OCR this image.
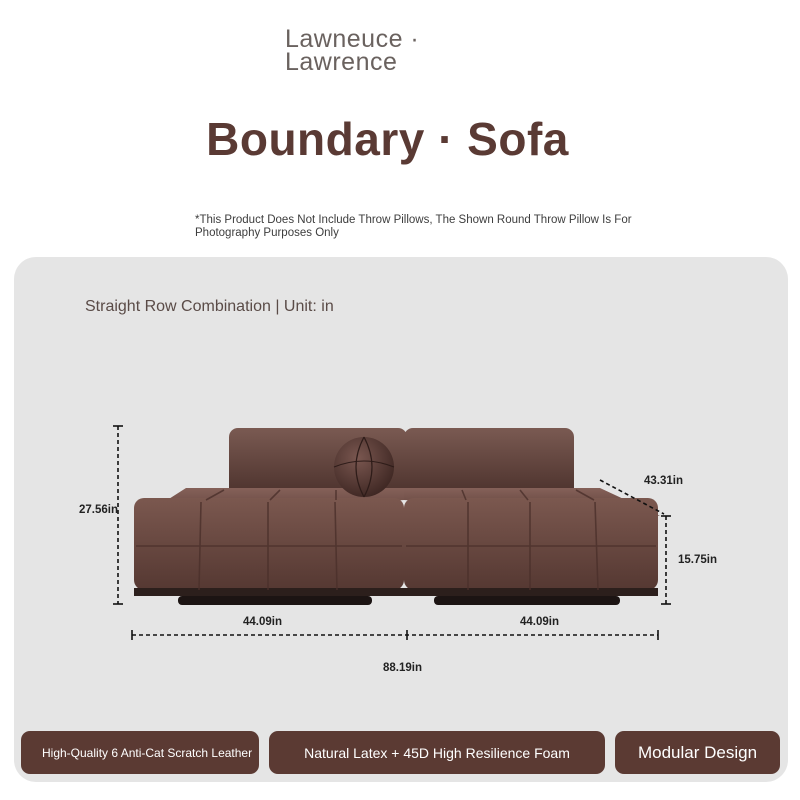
Lawneuce ·
Lawrence
Boundary · Sofa
*This Product Does Not Include Throw Pillows, The Shown Round Throw Pillow Is For Photography Purposes Only
Straight Row Combination | Unit: in
27.56in
43.31in
15.75in
44.09in	44.09in
88.19in
High-Quality 6 Anti-Cat Scratch Leather	Natural Latex + 45D High Resilience Foam	Modular Design
